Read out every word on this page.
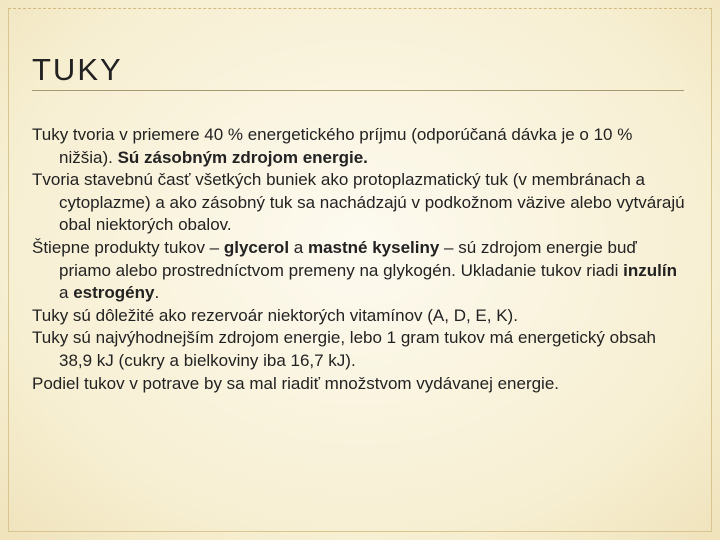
TUKY

Tuky tvoria v priemere 40 % energetického príjmu (odporúčaná dávka je o 10 % nižšia). Sú zásobným zdrojom energie.

Tvoria stavebnú časť všetkých buniek ako protoplazmatický tuk (v membránach a cytoplazme) a ako zásobný tuk sa nachádzajú v podkožnom väzive alebo vytvárajú obal niektorých obalov.

Štiepne produkty tukov – glycerol a mastné kyseliny – sú zdrojom energie buď priamo alebo prostredníctvom premeny na glykogén. Ukladanie tukov riadi inzulín a estrogény.

Tuky sú dôležité ako rezervoár niektorých vitamínov (A, D, E, K).

Tuky sú najvýhodnejším zdrojom energie, lebo 1 gram tukov má energetický obsah 38,9 kJ (cukry a bielkoviny iba 16,7 kJ).

Podiel tukov v potrave by sa mal riadiť množstvom vydávanej energie.
